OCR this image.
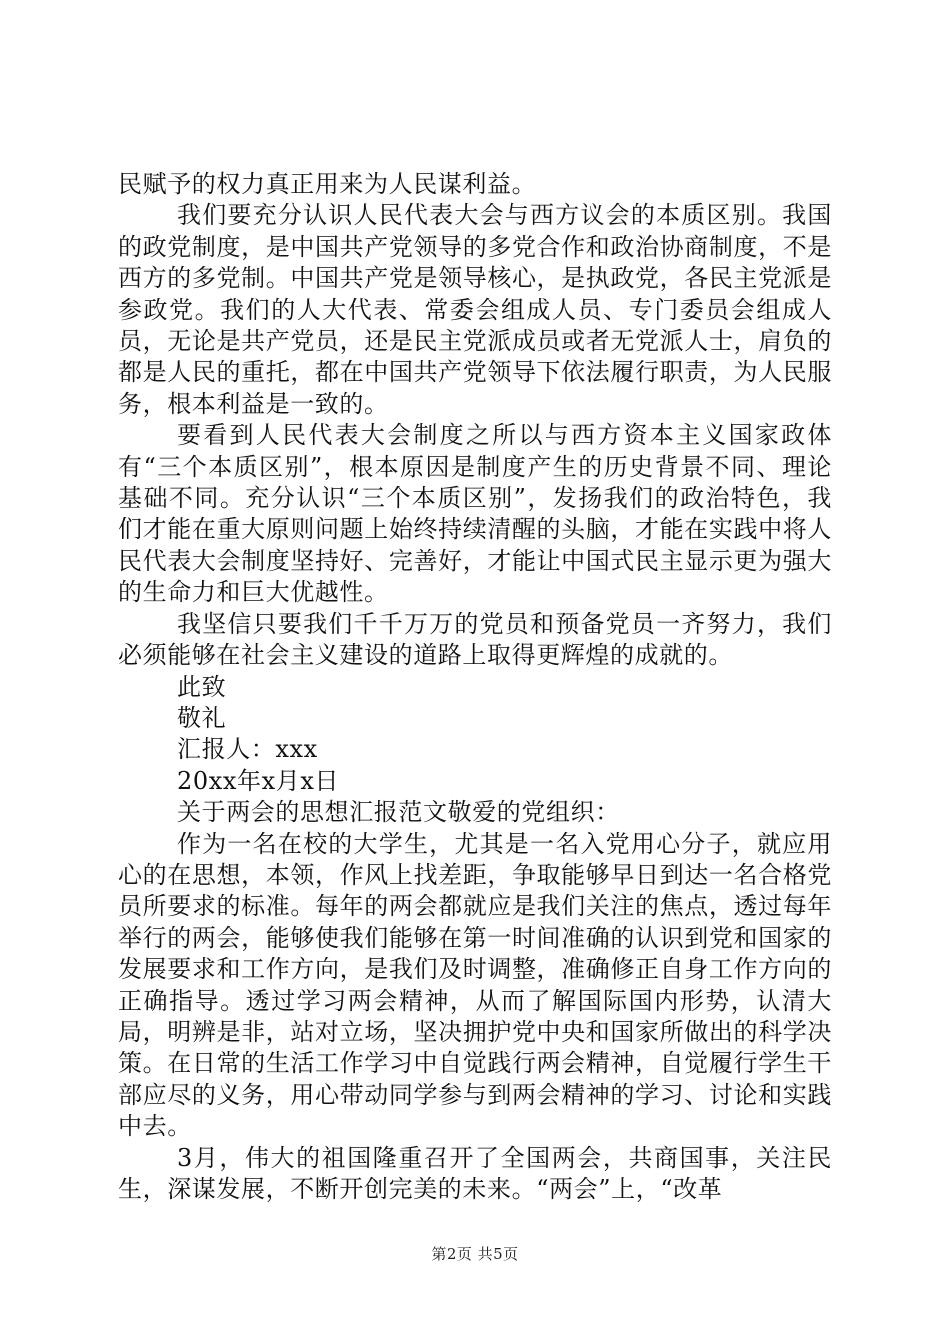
民赋予的权力真正用来为人民谋利益。

我们要充分认识人民代表大会与西方议会的本质区别。我国的政党制度，是中国共产党领导的多党合作和政治协商制度，不是西方的多党制。中国共产党是领导核心，是执政党，各民主党派是参政党。我们的人大代表、常委会组成人员、专门委员会组成人员，无论是共产党员，还是民主党派成员或者无党派人士，肩负的都是人民的重托，都在中国共产党领导下依法履行职责，为人民服务，根本利益是一致的。

要看到人民代表大会制度之所以与西方资本主义国家政体有“三个本质区别”，根本原因是制度产生的历史背景不同、理论基础不同。充分认识“三个本质区别”，发扬我们的政治特色，我们才能在重大原则问题上始终持续清醒的头脑，才能在实践中将人民代表大会制度坚持好、完善好，才能让中国式民主显示更为强大的生命力和巨大优越性。

我坚信只要我们千千万万的党员和预备党员一齐努力，我们必须能够在社会主义建设的道路上取得更辉煌的成就的。

此致

敬礼

汇报人：xxx

20xx年x月x日

关于两会的思想汇报范文敬爱的党组织：

作为一名在校的大学生，尤其是一名入党用心分子，就应用心的在思想，本领，作风上找差距，争取能够早日到达一名合格党员所要求的标准。每年的两会都就应是我们关注的焦点，透过每年举行的两会，能够使我们能够在第一时间准确的认识到党和国家的发展要求和工作方向，是我们及时调整，准确修正自身工作方向的正确指导。透过学习两会精神，从而了解国际国内形势，认清大局，明辨是非，站对立场，坚决拥护党中央和国家所做出的科学决策。在日常的生活工作学习中自觉践行两会精神，自觉履行学生干部应尽的义务，用心带动同学参与到两会精神的学习、讨论和实践中去。

3月，伟大的祖国隆重召开了全国两会，共商国事，关注民生，深谋发展，不断开创完美的未来。“两会”上，“改革

第2页 共5页
